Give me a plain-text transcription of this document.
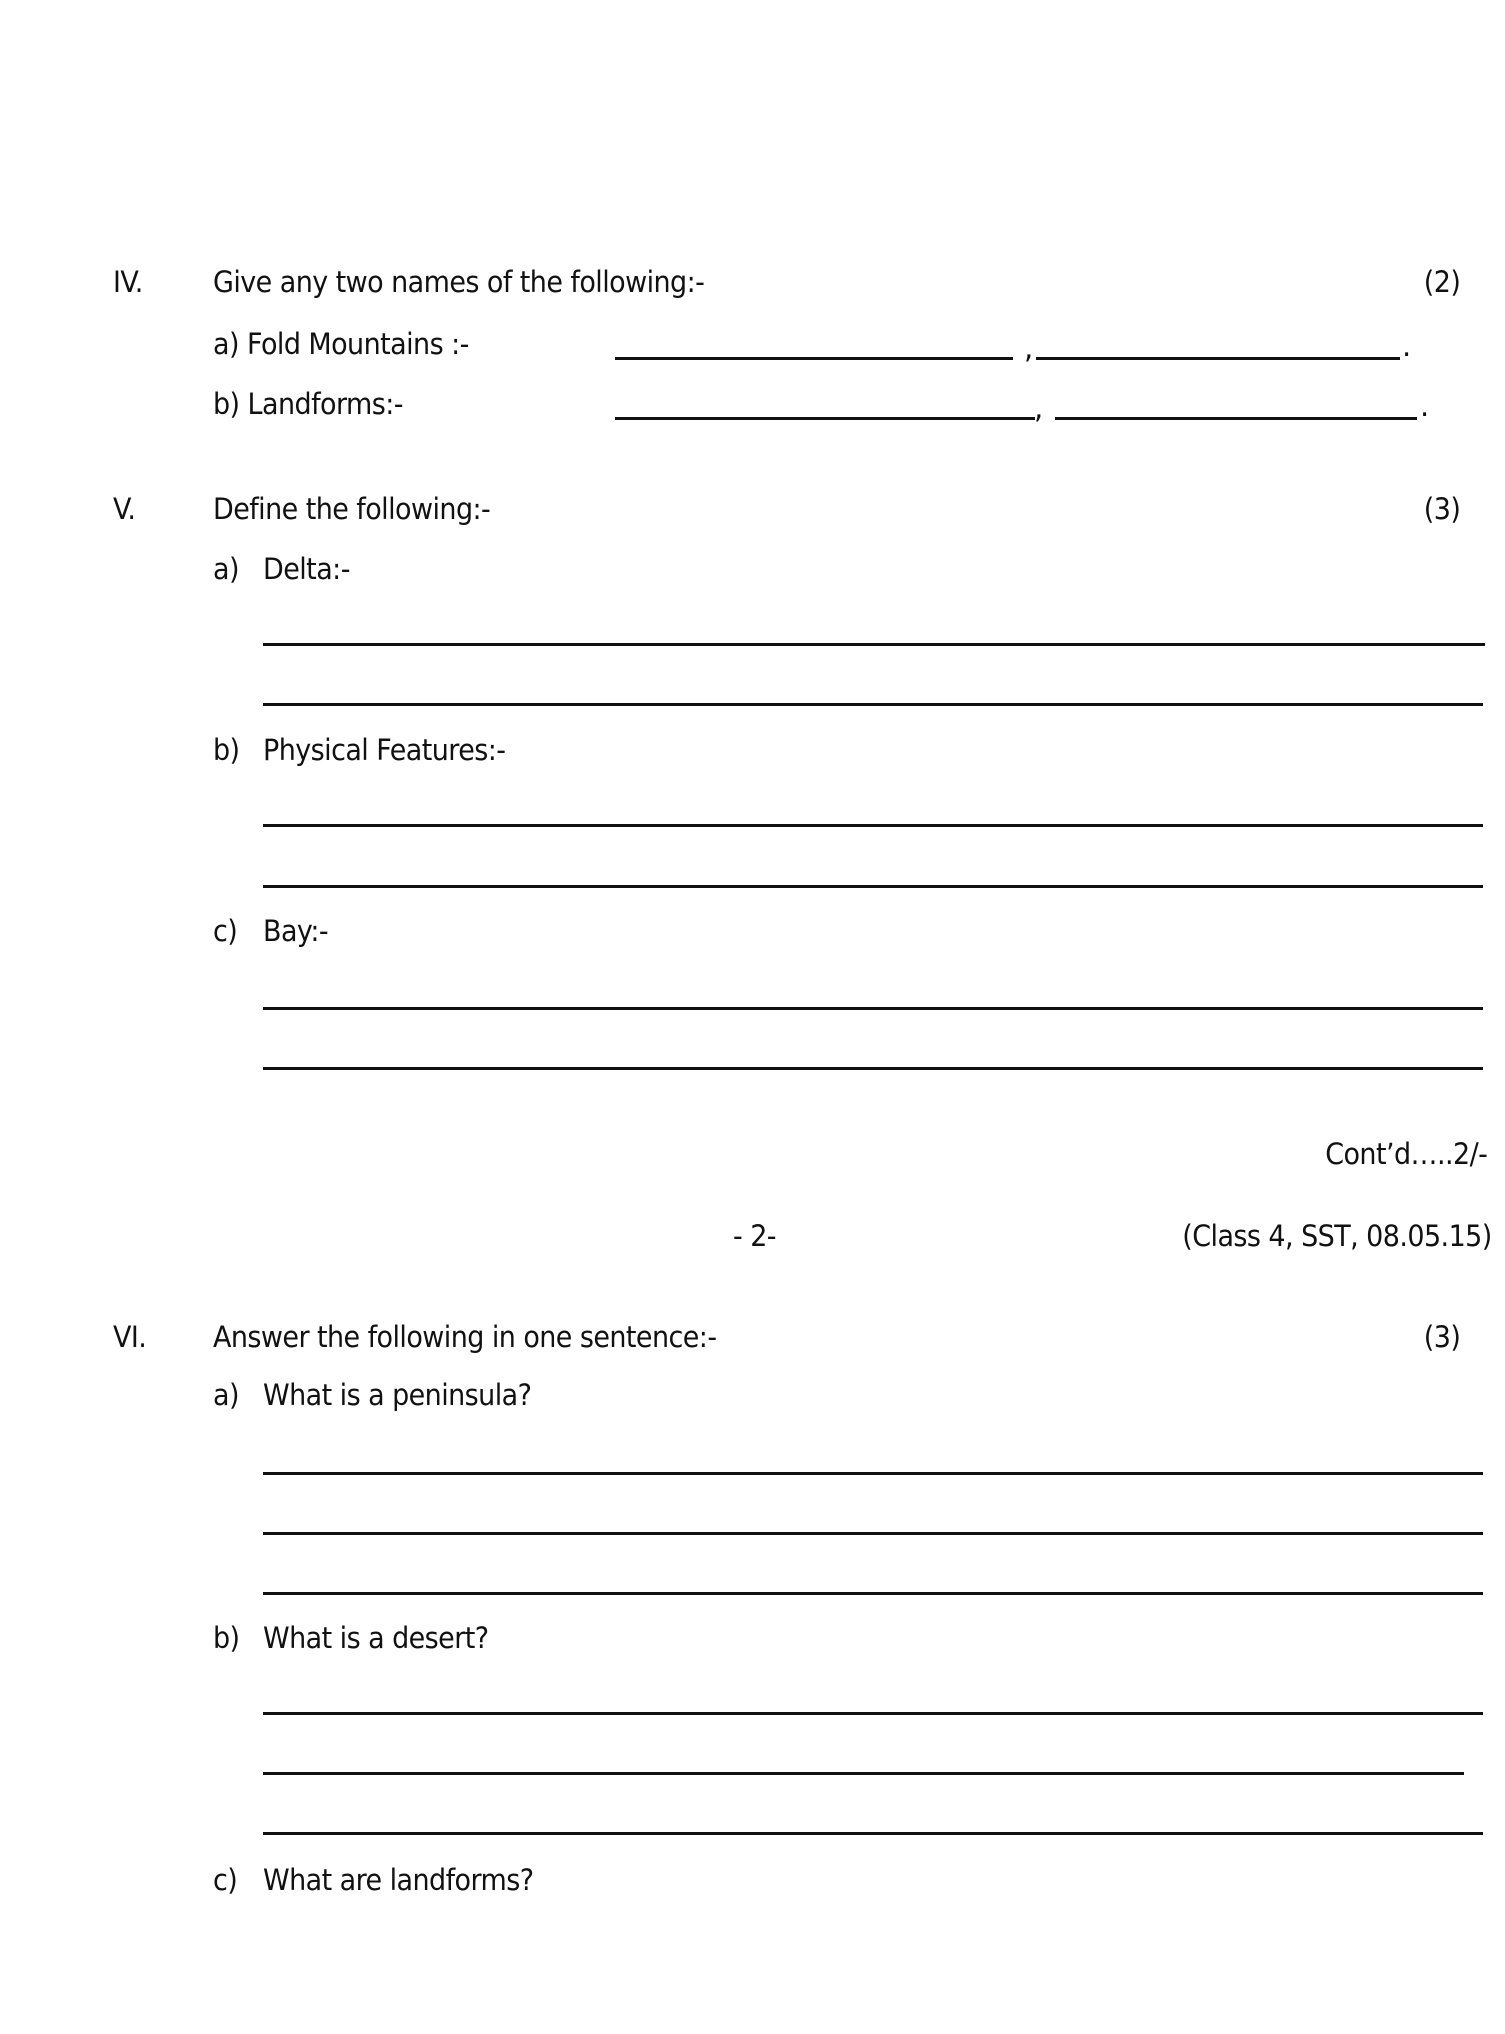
IV. Give any two names of the following:-	(2)
a) Fold Mountains :-	,	.
b) Landforms:-	,	.
V.	Define the following:-	(3)
a) Delta:-
b) Physical Features:-
c) Bay:-
Cont’d…..2/-
- 2-	(Class 4, SST, 08.05.15)
VI. Answer the following in one sentence:-	(3)
a) What is a peninsula?
b) What is a desert?
c) What are landforms?
